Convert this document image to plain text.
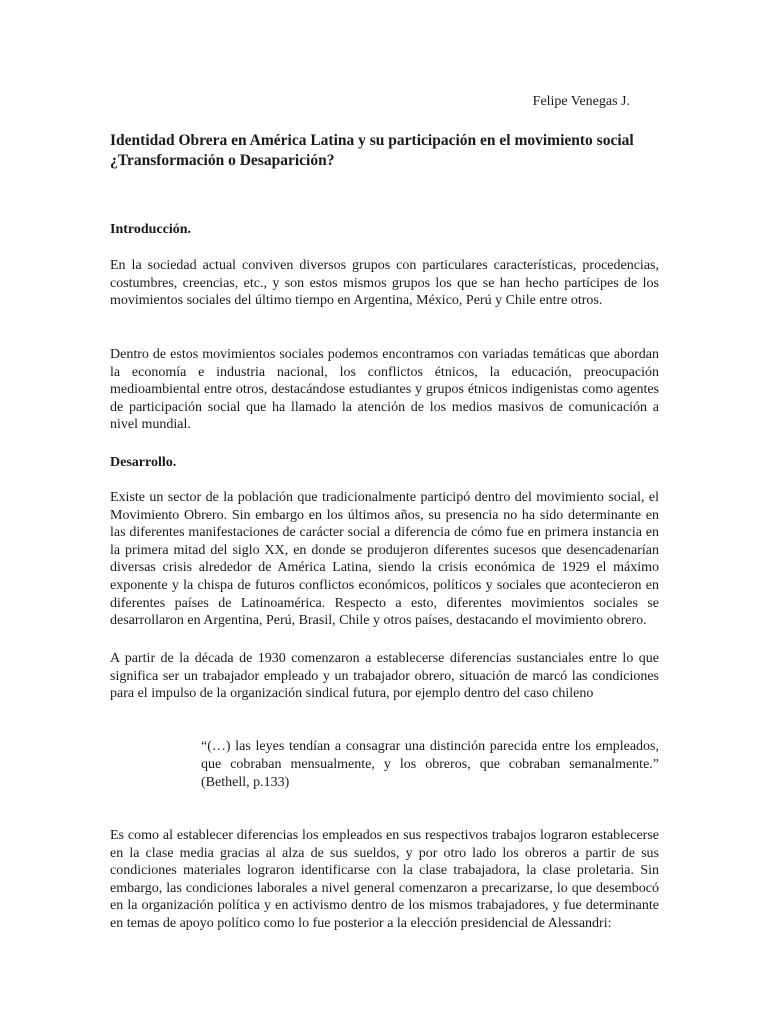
Felipe Venegas J.
Identidad Obrera en América Latina y su participación en el movimiento social ¿Transformación o Desaparición?
Introducción.

En la sociedad actual conviven diversos grupos con particulares características, procedencias, costumbres, creencias, etc., y son estos mismos grupos los que se han hecho partícipes de los movimientos sociales del último tiempo en Argentina, México, Perú y Chile entre otros.

Dentro de estos movimientos sociales podemos encontramos con variadas temáticas que abordan la economía e industria nacional, los conflictos étnicos, la educación, preocupación medioambiental entre otros, destacándose estudiantes y grupos étnicos indigenistas como agentes de participación social que ha llamado la atención de los medios masivos de comunicación a nivel mundial.

Desarrollo.

Existe un sector de la población que tradicionalmente participó dentro del movimiento social, el Movimiento Obrero. Sin embargo en los últimos años, su presencia no ha sido determinante en las diferentes manifestaciones de carácter social a diferencia de cómo fue en primera instancia en la primera mitad del siglo XX, en donde se produjeron diferentes sucesos que desencadenarían diversas crisis alrededor de América Latina, siendo la crisis económica de 1929 el máximo exponente y la chispa de futuros conflictos económicos, políticos y sociales que acontecieron en diferentes países de Latinoamérica. Respecto a esto, diferentes movimientos sociales se desarrollaron en Argentina, Perú, Brasil, Chile y otros países, destacando el movimiento obrero.

A partir de la década de 1930 comenzaron a establecerse diferencias sustanciales entre lo que significa ser un trabajador empleado y un trabajador obrero, situación de marcó las condiciones para el impulso de la organización sindical futura, por ejemplo dentro del caso chileno

“(…) las leyes tendían a consagrar una distinción parecida entre los empleados, que cobraban mensualmente, y los obreros, que cobraban semanalmente.” (Bethell, p.133)

Es como al establecer diferencias los empleados en sus respectivos trabajos lograron establecerse en la clase media gracias al alza de sus sueldos, y por otro lado los obreros a partir de sus condiciones materiales lograron identificarse con la clase trabajadora, la clase proletaria. Sin embargo, las condiciones laborales a nivel general comenzaron a precarizarse, lo que desembocó en la organización política y en activismo dentro de los mismos trabajadores, y fue determinante en temas de apoyo político como lo fue posterior a la elección presidencial de Alessandri:
